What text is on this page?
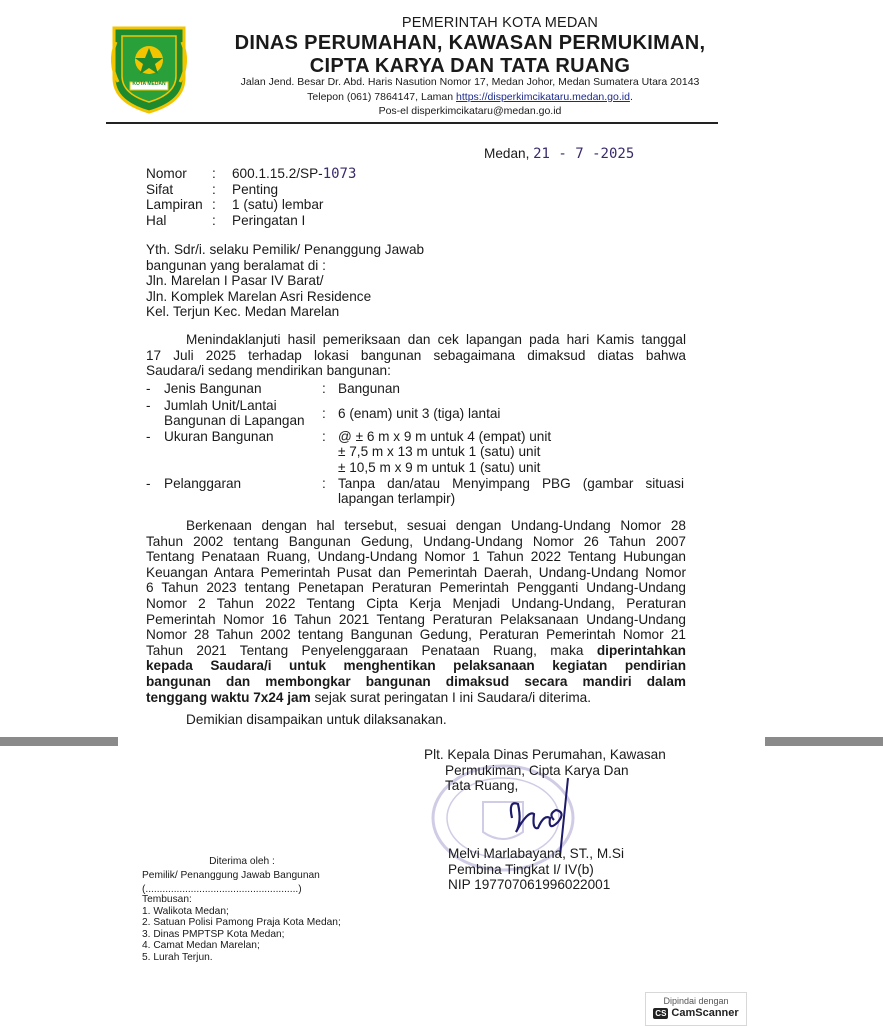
KOTA MEDAN
PEMERINTAH KOTA MEDAN
DINAS PERUMAHAN, KAWASAN PERMUKIMAN,
CIPTA KARYA DAN TATA RUANG
Jalan Jend. Besar Dr. Abd. Haris Nasution Nomor 17, Medan Johor, Medan Sumatera Utara 20143
Telepon (061) 7864147, Laman https://disperkimcikataru.medan.go.id.
Pos-el disperkimcikataru@medan.go.id
Medan, 21 - 7 -2025
Nomor : 600.1.15.2/SP-1073
Sifat	: Penting
Lampiran : 1 (satu) lembar
Hal	: Peringatan I
Yth. Sdr/i. selaku Pemilik/ Penanggung Jawab
bangunan yang beralamat di :
Jln. Marelan I Pasar IV Barat/
Jln. Komplek Marelan Asri Residence
Kel. Terjun Kec. Medan Marelan
Menindaklanjuti hasil pemeriksaan dan cek lapangan pada hari Kamis tanggal
17 Juli 2025 terhadap lokasi bangunan sebagaimana dimaksud diatas bahwa
Saudara/i sedang mendirikan bangunan:
- Jenis Bangunan	: Bangunan
- Jumlah Unit/Lantai
Bangunan di Lapangan : 6 (enam) unit 3 (tiga) lantai
- Ukuran Bangunan	: @ ± 6 m x 9 m untuk 4 (empat) unit
± 7,5 m x 13 m untuk 1 (satu) unit
± 10,5 m x 9 m untuk 1 (satu) unit
- Pelanggaran	: Tanpa dan/atau Menyimpang PBG (gambar situasi
lapangan terlampir)
Berkenaan dengan hal tersebut, sesuai dengan Undang-Undang Nomor 28
Tahun 2002 tentang Bangunan Gedung, Undang-Undang Nomor 26 Tahun 2007
Tentang Penataan Ruang, Undang-Undang Nomor 1 Tahun 2022 Tentang Hubungan
Keuangan Antara Pemerintah Pusat dan Pemerintah Daerah, Undang-Undang Nomor
6 Tahun 2023 tentang Penetapan Peraturan Pemerintah Pengganti Undang-Undang
Nomor 2 Tahun 2022 Tentang Cipta Kerja Menjadi Undang-Undang, Peraturan
Pemerintah Nomor 16 Tahun 2021 Tentang Peraturan Pelaksanaan Undang-Undang
Nomor 28 Tahun 2002 tentang Bangunan Gedung, Peraturan Pemerintah Nomor 21
Tahun 2021 Tentang Penyelenggaraan Penataan Ruang, maka diperintahkan
kepada Saudara/i untuk menghentikan pelaksanaan kegiatan pendirian
bangunan dan membongkar bangunan dimaksud secara mandiri dalam
tenggang waktu 7x24 jam sejak surat peringatan I ini Saudara/i diterima.
Demikian disampaikan untuk dilaksanakan.
Plt. Kepala Dinas Perumahan, Kawasan
Permukiman, Cipta Karya Dan
Tata Ruang,
Melvi Marlabayana, ST., M.Si
Pembina Tingkat I/ IV(b)
NIP 197707061996022001
Diterima oleh :
Pemilik/ Penanggung Jawab Bangunan
(......................................................)
Tembusan:
1. Walikota Medan;
2. Satuan Polisi Pamong Praja Kota Medan;
3. Dinas PMPTSP Kota Medan;
4. Camat Medan Marelan;
5. Lurah Terjun.
Dipindai dengan
CS CamScanner
